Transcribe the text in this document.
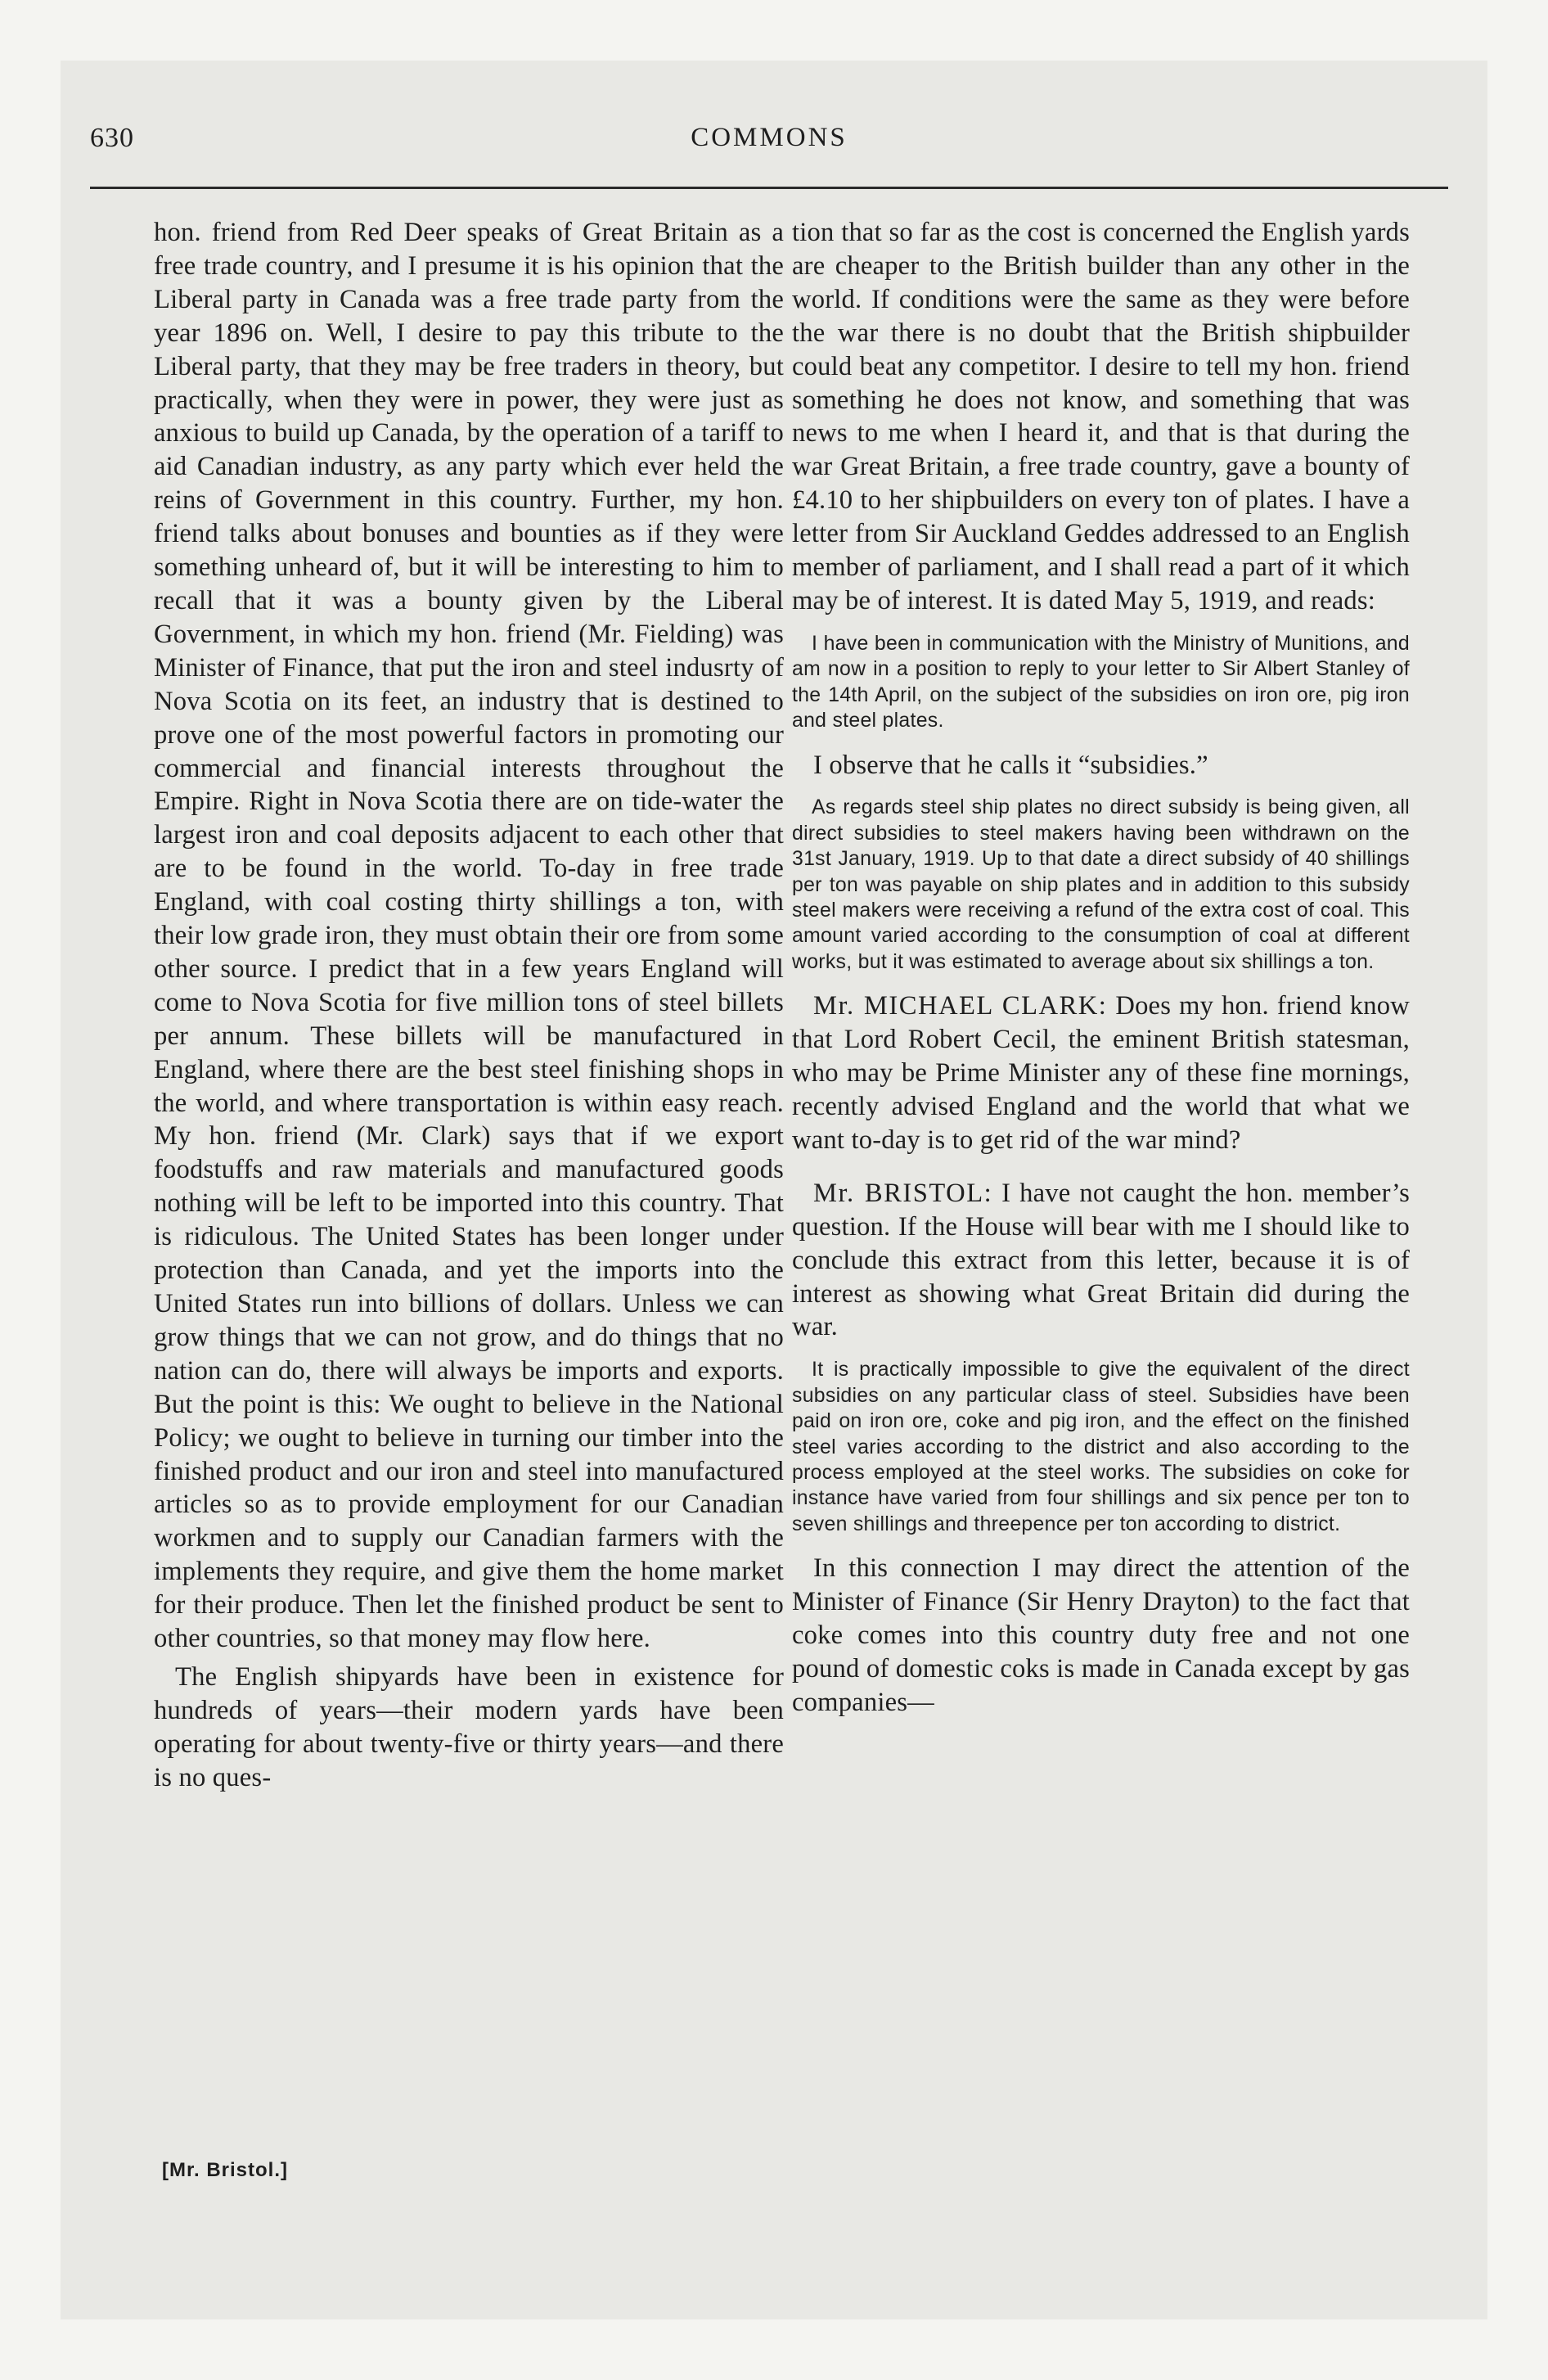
630	COMMONS

hon. friend from Red Deer speaks of Great Britain as a free trade country, and I presume it is his opinion that the Liberal party in Canada was a free trade party from the year 1896 on. Well, I desire to pay this tribute to the Liberal party, that they may be free traders in theory, but practically, when they were in power, they were just as anxious to build up Canada, by the operation of a tariff to aid Canadian industry, as any party which ever held the reins of Government in this country. Further, my hon. friend talks about bonuses and bounties as if they were something unheard of, but it will be interesting to him to recall that it was a bounty given by the Liberal Government, in which my hon. friend (Mr. Fielding) was Minister of Finance, that put the iron and steel indusrty of Nova Scotia on its feet, an industry that is destined to prove one of the most powerful factors in promoting our commercial and financial interests throughout the Empire. Right in Nova Scotia there are on tide-water the largest iron and coal deposits adjacent to each other that are to be found in the world. To-day in free trade England, with coal costing thirty shillings a ton, with their low grade iron, they must obtain their ore from some other source. I predict that in a few years England will come to Nova Scotia for five million tons of steel billets per annum. These billets will be manufactured in England, where there are the best steel finishing shops in the world, and where transportation is within easy reach. My hon. friend (Mr. Clark) says that if we export foodstuffs and raw materials and manufactured goods nothing will be left to be imported into this country. That is ridiculous. The United States has been longer under protection than Canada, and yet the imports into the United States run into billions of dollars. Unless we can grow things that we can not grow, and do things that no nation can do, there will always be imports and exports. But the point is this: We ought to believe in the National Policy; we ought to believe in turning our timber into the finished product and our iron and steel into manufactured articles so as to provide employment for our Canadian workmen and to supply our Canadian farmers with the implements they require, and give them the home market for their produce. Then let the finished product be sent to other countries, so that money may flow here.

The English shipyards have been in existence for hundreds of years—their modern yards have been operating for about twenty-five or thirty years—and there is no ques-

tion that so far as the cost is concerned the English yards are cheaper to the British builder than any other in the world. If conditions were the same as they were before the war there is no doubt that the British shipbuilder could beat any competitor. I desire to tell my hon. friend something he does not know, and something that was news to me when I heard it, and that is that during the war Great Britain, a free trade country, gave a bounty of £4.10 to her shipbuilders on every ton of plates. I have a letter from Sir Auckland Geddes addressed to an English member of parliament, and I shall read a part of it which may be of interest. It is dated May 5, 1919, and reads:

I have been in communication with the Ministry of Munitions, and am now in a position to reply to your letter to Sir Albert Stanley of the 14th April, on the subject of the subsidies on iron ore, pig iron and steel plates.

I observe that he calls it “subsidies.”

As regards steel ship plates no direct subsidy is being given, all direct subsidies to steel makers having been withdrawn on the 31st January, 1919. Up to that date a direct subsidy of 40 shillings per ton was payable on ship plates and in addition to this subsidy steel makers were receiving a refund of the extra cost of coal. This amount varied according to the consumption of coal at different works, but it was estimated to average about six shillings a ton.

Mr. MICHAEL CLARK: Does my hon. friend know that Lord Robert Cecil, the eminent British statesman, who may be Prime Minister any of these fine mornings, recently advised England and the world that what we want to-day is to get rid of the war mind?

Mr. BRISTOL: I have not caught the hon. member’s question. If the House will bear with me I should like to conclude this extract from this letter, because it is of interest as showing what Great Britain did during the war.

It is practically impossible to give the equivalent of the direct subsidies on any particular class of steel. Subsidies have been paid on iron ore, coke and pig iron, and the effect on the finished steel varies according to the district and also according to the process employed at the steel works. The subsidies on coke for instance have varied from four shillings and six pence per ton to seven shillings and threepence per ton according to district.

In this connection I may direct the attention of the Minister of Finance (Sir Henry Drayton) to the fact that coke comes into this country duty free and not one pound of domestic coks is made in Canada except by gas companies—

[Mr. Bristol.]
